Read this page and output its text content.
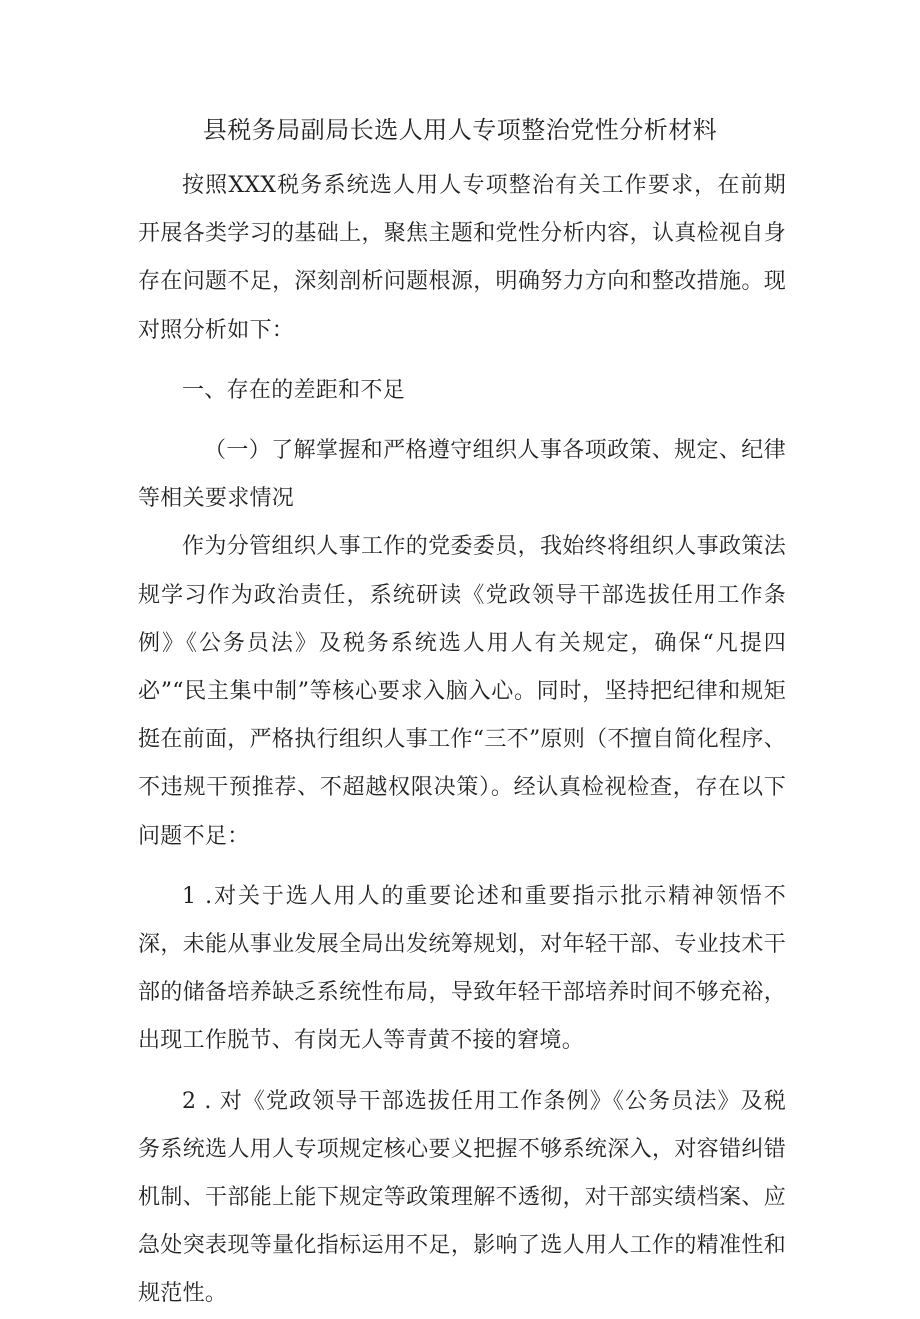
县税务局副局长选人用人专项整治党性分析材料

按照XXX税务系统选人用人专项整治有关工作要求，在前期开展各类学习的基础上，聚焦主题和党性分析内容，认真检视自身存在问题不足，深刻剖析问题根源，明确努力方向和整改措施。现对照分析如下：

一、存在的差距和不足

（一）了解掌握和严格遵守组织人事各项政策、规定、纪律等相关要求情况

作为分管组织人事工作的党委委员，我始终将组织人事政策法规学习作为政治责任，系统研读《党政领导干部选拔任用工作条例》《公务员法》及税务系统选人用人有关规定，确保“凡提四必”“民主集中制”等核心要求入脑入心。同时，坚持把纪律和规矩挺在前面，严格执行组织人事工作“三不”原则（不擅自简化程序、不违规干预推荐、不超越权限决策）。经认真检视检查，存在以下问题不足：

1 .对关于选人用人的重要论述和重要指示批示精神领悟不深，未能从事业发展全局出发统筹规划，对年轻干部、专业技术干部的储备培养缺乏系统性布局，导致年轻干部培养时间不够充裕，出现工作脱节、有岗无人等青黄不接的窘境。

2 . 对《党政领导干部选拔任用工作条例》《公务员法》及税务系统选人用人专项规定核心要义把握不够系统深入，对容错纠错机制、干部能上能下规定等政策理解不透彻，对干部实绩档案、应急处突表现等量化指标运用不足，影响了选人用人工作的精准性和规范性。
